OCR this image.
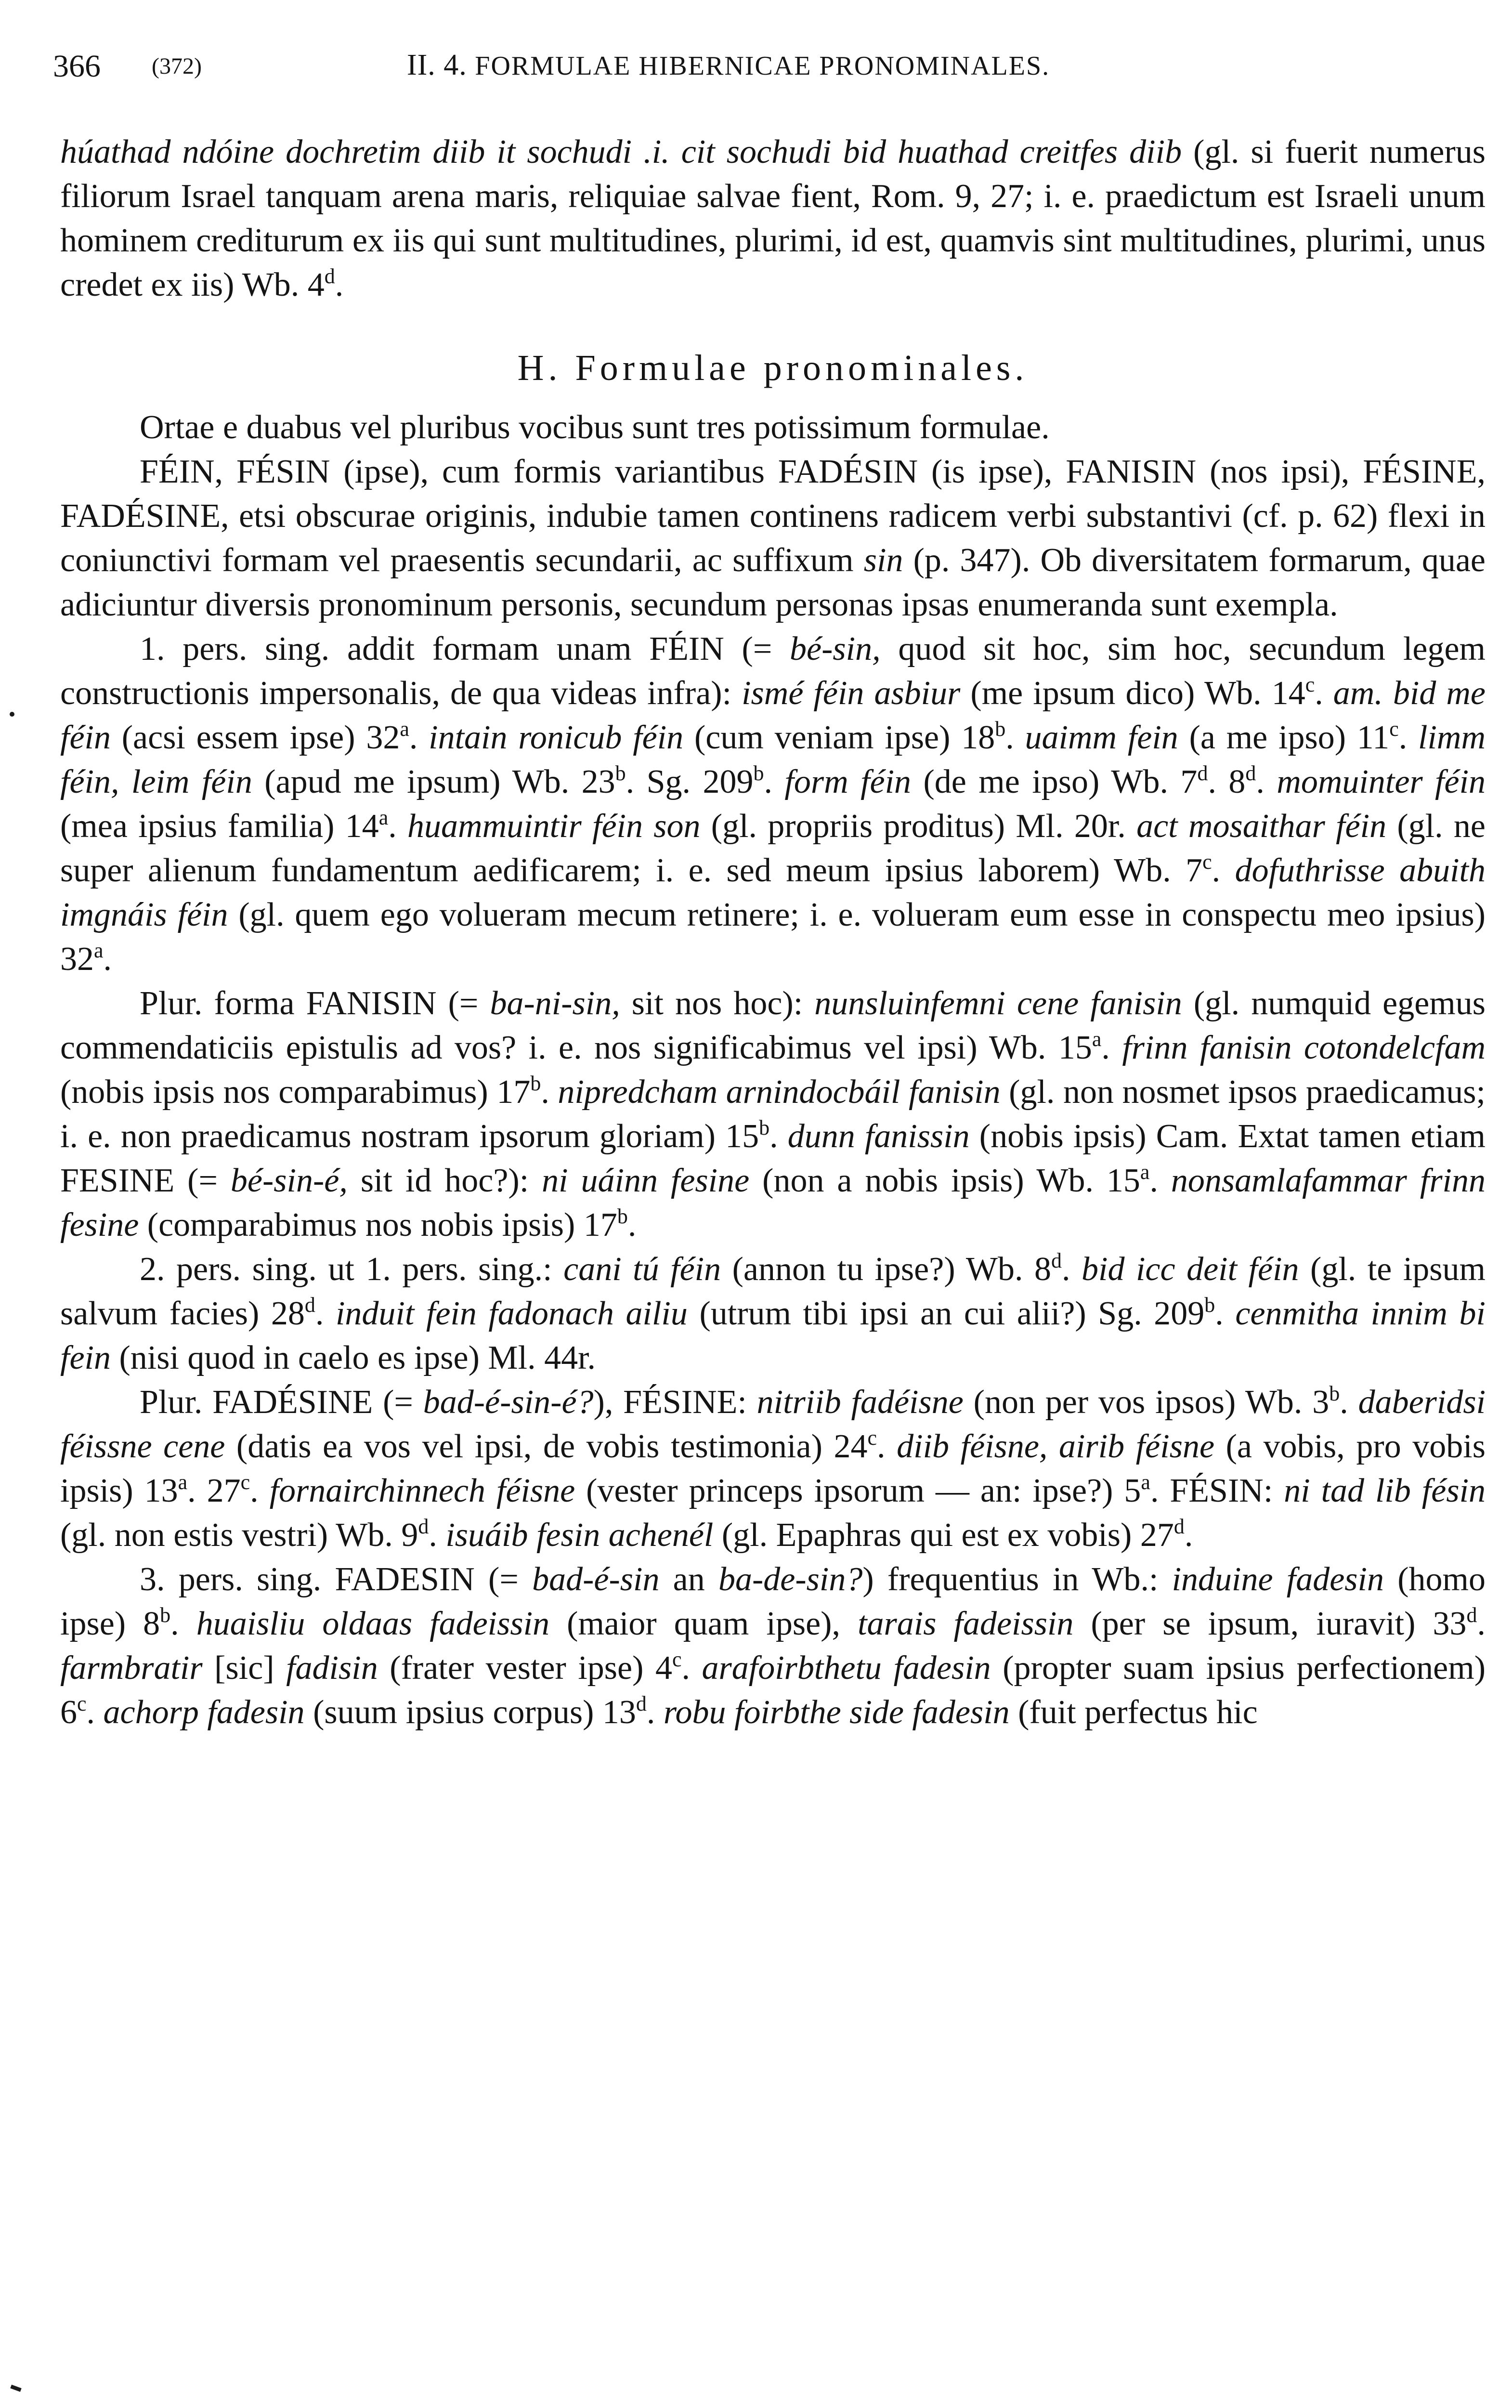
366 (372)	II. 4. FORMULAE HIBERNICAE PRONOMINALES.

húathad ndóine dochretim diib it sochudi .i. cit sochudi bid huathad creitfes diib (gl. si fuerit numerus filiorum Israel tanquam arena maris, reliquiae salvae fient, Rom. 9, 27; i. e. praedictum est Israeli unum hominem crediturum ex iis qui sunt multitudines, plurimi, id est, quamvis sint multitudines, plurimi, unus credet ex iis) Wb. 4$^d$.

H. Formulae pronominales.

Ortae e duabus vel pluribus vocibus sunt tres potissimum formulae.

FÉIN, FÉSIN (ipse), cum formis variantibus FADÉSIN (is ipse), FANISIN (nos ipsi), FÉSINE, FADÉSINE, etsi obscurae originis, indubie tamen continens radicem verbi substantivi (cf. p. 62) flexi in coniunctivi formam vel praesentis secundarii, ac suffixum sin (p. 347). Ob diversitatem formarum, quae adiciuntur diversis pronominum personis, secundum personas ipsas enumeranda sunt exempla.

1. pers. sing. addit formam unam FÉIN (= bé-sin, quod sit hoc, sim hoc, secundum legem constructionis impersonalis, de qua videas infra): ismé féin asbiur (me ipsum dico) Wb. 14$^c$. am. bid me féin (acsi essem ipse) 32$^a$. intain ronicub féin (cum veniam ipse) 18$^b$. uaimm fein (a me ipso) 11$^c$. limm féin, leim féin (apud me ipsum) Wb. 23$^b$. Sg. 209$^b$. form féin (de me ipso) Wb. 7$^d$. 8$^d$. momuinter féin (mea ipsius familia) 14$^a$. huammuintir féin son (gl. propriis proditus) Ml. 20r. act mosaithar féin (gl. ne super alienum fundamentum aedificarem; i. e. sed meum ipsius laborem) Wb. 7$^c$. dofuthrisse abuith imgnáis féin (gl. quem ego volueram mecum retinere; i. e. volueram eum esse in conspectu meo ipsius) 32$^a$.

Plur. forma FANISIN (= ba-ni-sin, sit nos hoc): nunsluinfemni cene fanisin (gl. numquid egemus commendaticiis epistulis ad vos? i. e. nos significabimus vel ipsi) Wb. 15$^a$. frinn fanisin cotondelcfam (nobis ipsis nos comparabimus) 17$^b$. nipredcham arnindocbáil fanisin (gl. non nosmet ipsos praedicamus; i. e. non praedicamus nostram ipsorum gloriam) 15$^b$. dunn fanissin (nobis ipsis) Cam. Extat tamen etiam FESINE (= bé-sin-é, sit id hoc?): ni uáinn fesine (non a nobis ipsis) Wb. 15$^a$. nonsamlafammar frinn fesine (comparabimus nos nobis ipsis) 17$^b$.

2. pers. sing. ut 1. pers. sing.: cani tú féin (annon tu ipse?) Wb. 8$^d$. bid icc deit féin (gl. te ipsum salvum facies) 28$^d$. induit fein fadonach ailiu (utrum tibi ipsi an cui alii?) Sg. 209$^b$. cenmitha innim bi fein (nisi quod in caelo es ipse) Ml. 44r.

Plur. FADÉSINE (= bad-é-sin-é?), FÉSINE: nitriib fadéisne (non per vos ipsos) Wb. 3$^b$. daberidsi féissne cene (datis ea vos vel ipsi, de vobis testimonia) 24$^c$. diib féisne, airib féisne (a vobis, pro vobis ipsis) 13$^a$. 27$^c$. fornairchinnech féisne (vester princeps ipsorum — an: ipse?) 5$^a$. FÉSIN: ni tad lib fésin (gl. non estis vestri) Wb. 9$^d$. isuáib fesin achenél (gl. Epaphras qui est ex vobis) 27$^d$.

3. pers. sing. FADESIN (= bad-é-sin an ba-de-sin?) frequentius in Wb.: induine fadesin (homo ipse) 8$^b$. huaisliu oldaas fadeissin (maior quam ipse), tarais fadeissin (per se ipsum, iuravit) 33$^d$. farmbratir [sic] fadisin (frater vester ipse) 4$^c$. arafoirbthetu fadesin (propter suam ipsius perfectionem) 6$^c$. achorp fadesin (suum ipsius corpus) 13$^d$. robu foirbthe side fadesin (fuit perfectus hic
